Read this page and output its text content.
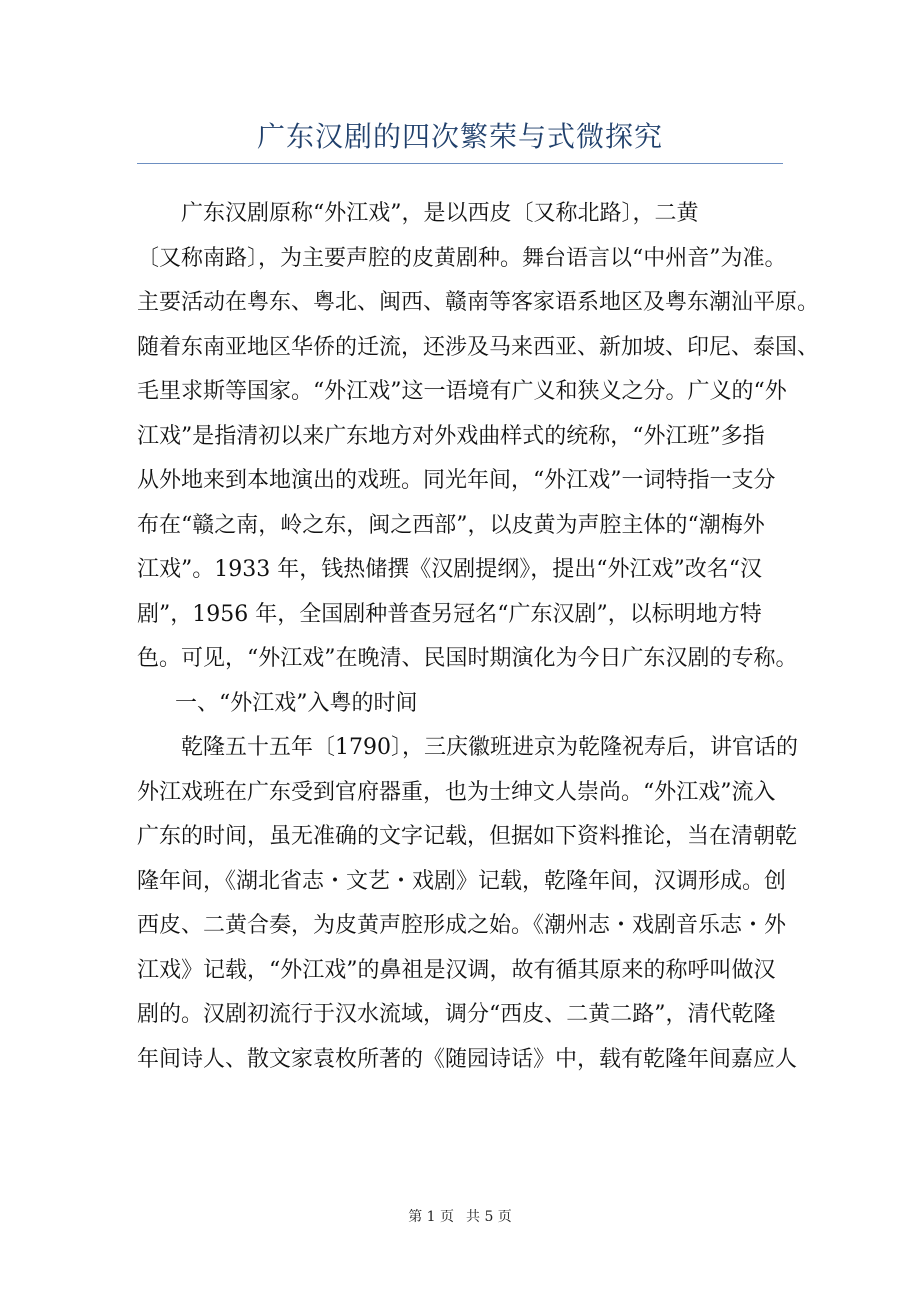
广东汉剧的四次繁荣与式微探究
广东汉剧原称“外江戏”，是以西皮〔又称北路〕，二黄
〔又称南路〕，为主要声腔的皮黄剧种。舞台语言以“中州音”为准。
主要活动在粤东、粤北、闽西、赣南等客家语系地区及粤东潮汕平原。
随着东南亚地区华侨的迁流，还涉及马来西亚、新加坡、印尼、泰国、
毛里求斯等国家。“外江戏”这一语境有广义和狭义之分。广义的“外
江戏”是指清初以来广东地方对外戏曲样式的统称，“外江班”多指
从外地来到本地演出的戏班。同光年间，“外江戏”一词特指一支分
布在“赣之南，岭之东，闽之西部”，以皮黄为声腔主体的“潮梅外
江戏”。1933 年，钱热储撰《汉剧提纲》，提出“外江戏”改名“汉
剧”，1956 年，全国剧种普查另冠名“广东汉剧”，以标明地方特
色。可见，“外江戏”在晚清、民国时期演化为今日广东汉剧的专称。
一、“外江戏”入粤的时间
乾隆五十五年〔1790〕，三庆徽班进京为乾隆祝寿后，讲官话的
外江戏班在广东受到官府器重，也为士绅文人崇尚。“外江戏”流入
广东的时间，虽无准确的文字记载，但据如下资料推论，当在清朝乾
隆年间，《湖北省志・文艺・戏剧》记载，乾隆年间，汉调形成。创
西皮、二黄合奏，为皮黄声腔形成之始。《潮州志・戏剧音乐志・外
江戏》记载，“外江戏”的鼻祖是汉调，故有循其原来的称呼叫做汉
剧的。汉剧初流行于汉水流域，调分“西皮、二黄二路”，清代乾隆
年间诗人、散文家袁枚所著的《随园诗话》中，载有乾隆年间嘉应人
第 1 页 共 5 页
